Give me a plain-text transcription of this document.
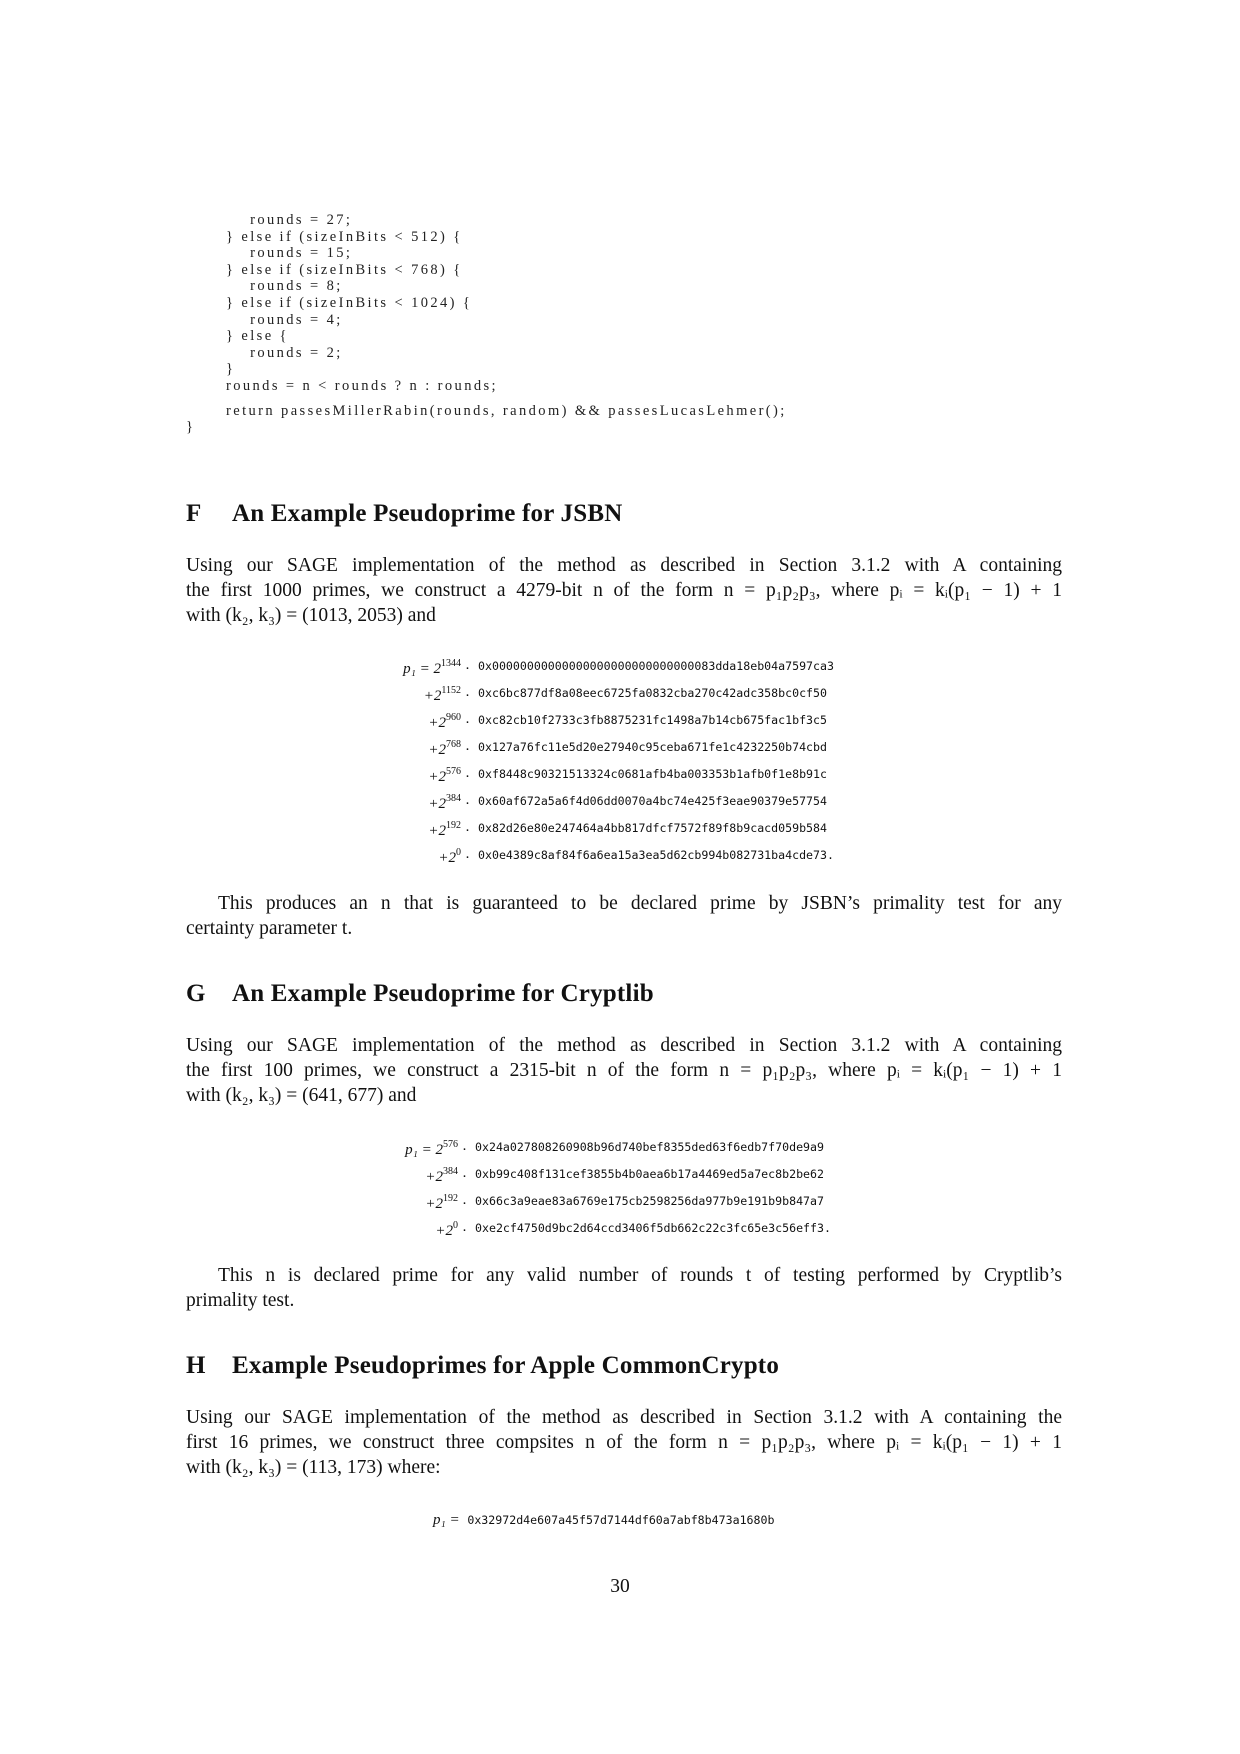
rounds = 27;
} else if (sizeInBits < 512) {
rounds = 15;
} else if (sizeInBits < 768) {
rounds = 8;
} else if (sizeInBits < 1024) {
rounds = 4;
} else {
rounds = 2;
}
rounds = n < rounds ? n : rounds;
return passesMillerRabin(rounds, random) && passesLucasLehmer();
}
F An Example Pseudoprime for JSBN
Using our SAGE implementation of the method as described in Section 3.1.2 with A containing
the first 1000 primes, we construct a 4279-bit n of the form n = p₁p₂p₃, where pᵢ = kᵢ(p₁ − 1) + 1
with (k₂, k₃) = (1013, 2053) and
$p_1 = 2^{1344} \cdot 0x00000000000000000000000000000083dda18eb04a7597ca3$
$+2^{1152} \cdot 0xc6bc877df8a08eec6725fa0832cba270c42adc358bc0cf50$
$+2^{960} \cdot 0xc82cb10f2733c3fb8875231fc1498a7b14cb675fac1bf3c5$
$+2^{768}$ · 0x127a76fc11e5d20e27940c95ceba671fe1c4232250b74cbd
$+2^{576} \cdot 0xf8448c90321513324c0681afb4ba003353b1afb0f1e8b91c$
$+2^{384} \cdot 0x60af672a5a6f4d06dd0070a4bc74e425f3eae90379e57754$
$+2^{192}$ · 0x82d26e80e247464a4bb817dfcf7572f89f8b9cacd059b584
$+2^0 \cdot 0x0e4389c8af84f6a6ea15a3ea5d62cb994b082731ba4cde73$.
This produces an n that is guaranteed to be declared prime by JSBN’s primality test for any
certainty parameter t.
G An Example Pseudoprime for Cryptlib
Using our SAGE implementation of the method as described in Section 3.1.2 with A containing
the first 100 primes, we construct a 2315-bit n of the form n = p₁p₂p₃, where pᵢ = kᵢ(p₁ − 1) + 1
with (k₂, k₃) = (641, 677) and
$p_1 = 2^{576} \cdot 0x24a027808260908b96d740bef8355ded63f6edb7f70de9a9$
$+2^{384} \cdot 0xb99c408f131cef3855b4b0aea6b17a4469ed5a7ec8b2be62$
$+2^{192} \cdot 0x66c3a9eae83a6769e175cb2598256da977b9e191b9b847a7$
$+2^0 \cdot 0xe2cf4750d9bc2d64ccd3406f5db662c22c3fc65e3c56eff3$.
This n is declared prime for any valid number of rounds t of testing performed by Cryptlib’s
primality test.
H Example Pseudoprimes for Apple CommonCrypto
Using our SAGE implementation of the method as described in Section 3.1.2 with A containing the
first 16 primes, we construct three compsites n of the form n = p₁p₂p₃, where pᵢ = kᵢ(p₁ − 1) + 1
with (k₂, k₃) = (113, 173) where:
p₁ = 0x32972d4e607a45f57d7144df60a7abf8b473a1680b
30
